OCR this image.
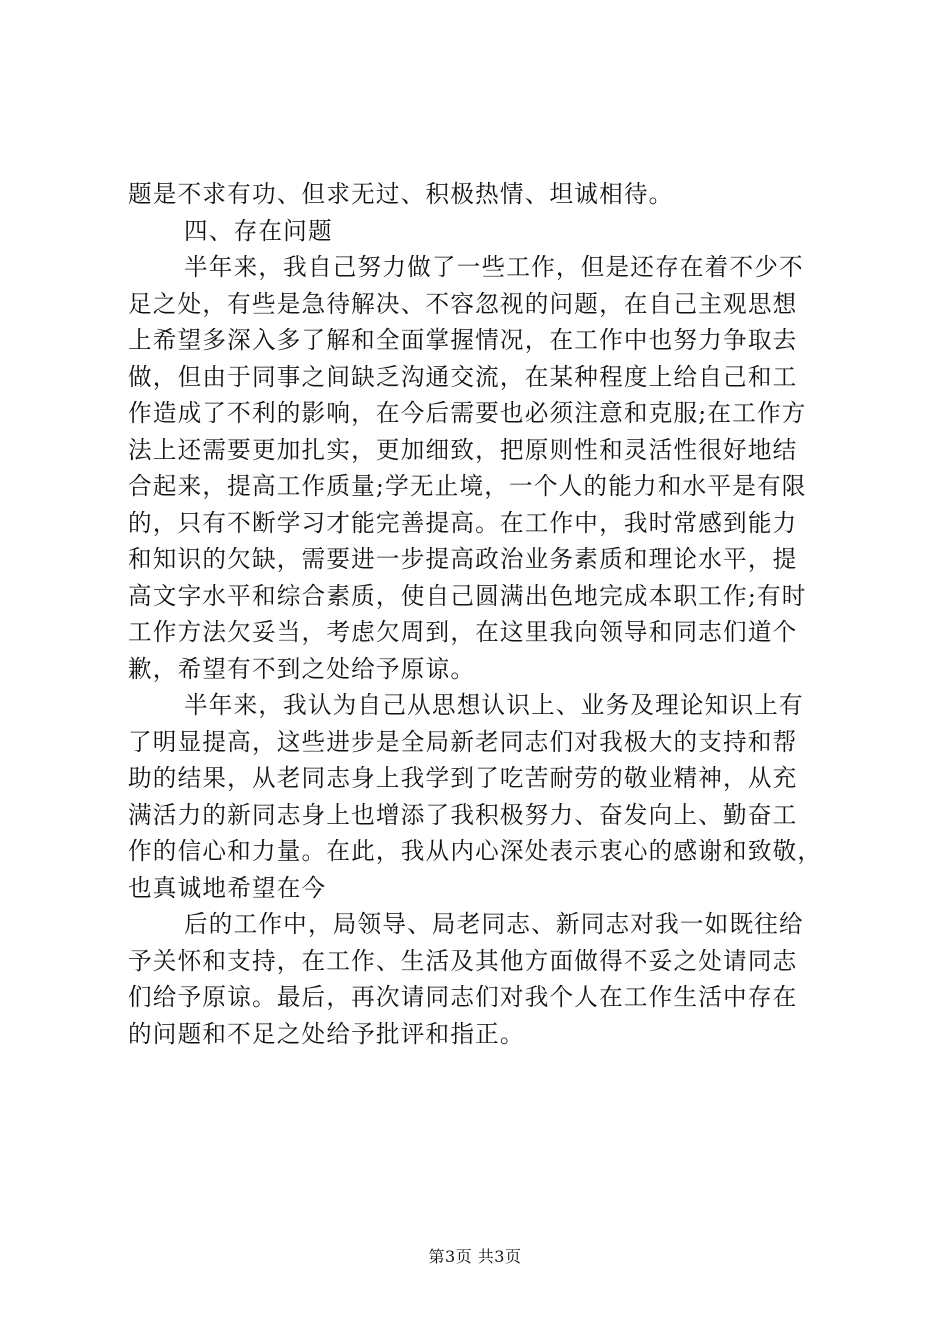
题是不求有功、但求无过、积极热情、坦诚相待。
四、存在问题
半年来，我自己努力做了一些工作，但是还存在着不少不
足之处，有些是急待解决、不容忽视的问题，在自己主观思想
上希望多深入多了解和全面掌握情况，在工作中也努力争取去
做，但由于同事之间缺乏沟通交流，在某种程度上给自己和工
作造成了不利的影响，在今后需要也必须注意和克服;在工作方
法上还需要更加扎实，更加细致，把原则性和灵活性很好地结
合起来，提高工作质量;学无止境，一个人的能力和水平是有限
的，只有不断学习才能完善提高。在工作中，我时常感到能力
和知识的欠缺，需要进一步提高政治业务素质和理论水平，提
高文字水平和综合素质，使自己圆满出色地完成本职工作;有时
工作方法欠妥当，考虑欠周到，在这里我向领导和同志们道个
歉，希望有不到之处给予原谅。
半年来，我认为自己从思想认识上、业务及理论知识上有
了明显提高，这些进步是全局新老同志们对我极大的支持和帮
助的结果，从老同志身上我学到了吃苦耐劳的敬业精神，从充
满活力的新同志身上也增添了我积极努力、奋发向上、勤奋工
作的信心和力量。在此，我从内心深处表示衷心的感谢和致敬，
也真诚地希望在今
后的工作中，局领导、局老同志、新同志对我一如既往给
予关怀和支持，在工作、生活及其他方面做得不妥之处请同志
们给予原谅。最后，再次请同志们对我个人在工作生活中存在
的问题和不足之处给予批评和指正。
第3页 共3页
